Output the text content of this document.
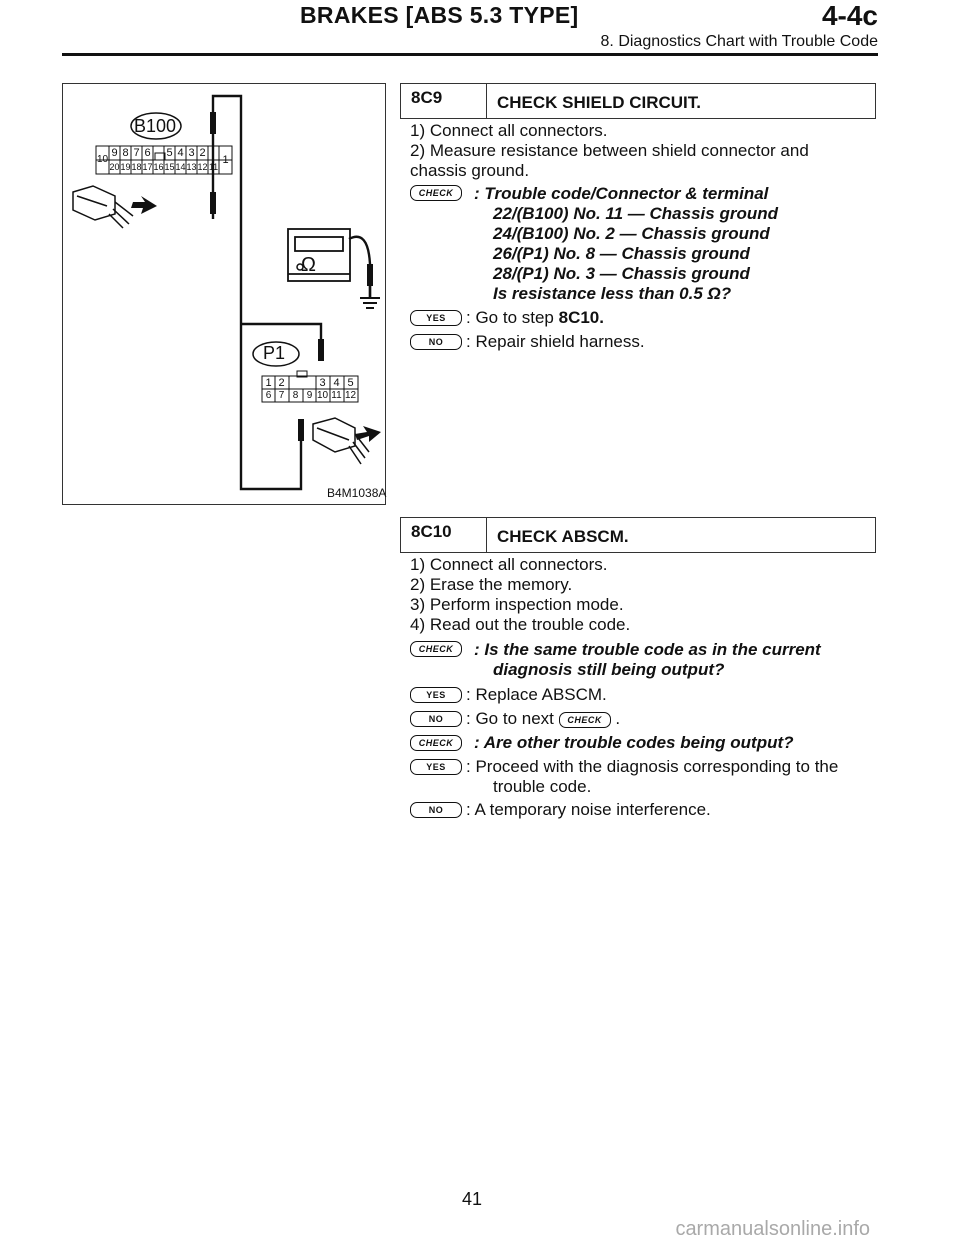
BRAKES [ABS 5.3 TYPE]	4-4c
8. Diagnostics Chart with Trouble Code
B100
P1
Ω
9 8 7 6 5 4 3 2
20 19 18 17 16 15 14 13 12 11
10	1
1 2	3 4 5
6 7 8 9 10 11 12
B4M1038A
8C9	CHECK SHIELD CIRCUIT.
1) Connect all connectors.
2) Measure resistance between shield connector and
chassis ground.
CHECK	: Trouble code/Connector & terminal
22/(B100) No. 11 — Chassis ground
24/(B100) No. 2 — Chassis ground
26/(P1) No. 8 — Chassis ground
28/(P1) No. 3 — Chassis ground
Is resistance less than 0.5 Ω?
YES	: Go to step 8C10.
NO	: Repair shield harness.
8C10	CHECK ABSCM.
1) Connect all connectors.
2) Erase the memory.
3) Perform inspection mode.
4) Read out the trouble code.
CHECK	: Is the same trouble code as in the current
diagnosis still being output?
YES	: Replace ABSCM.
NO	: Go to next CHECK .
CHECK	: Are other trouble codes being output?
YES	: Proceed with the diagnosis corresponding to the
trouble code.
NO	: A temporary noise interference.
41
carmanualsonline.info
